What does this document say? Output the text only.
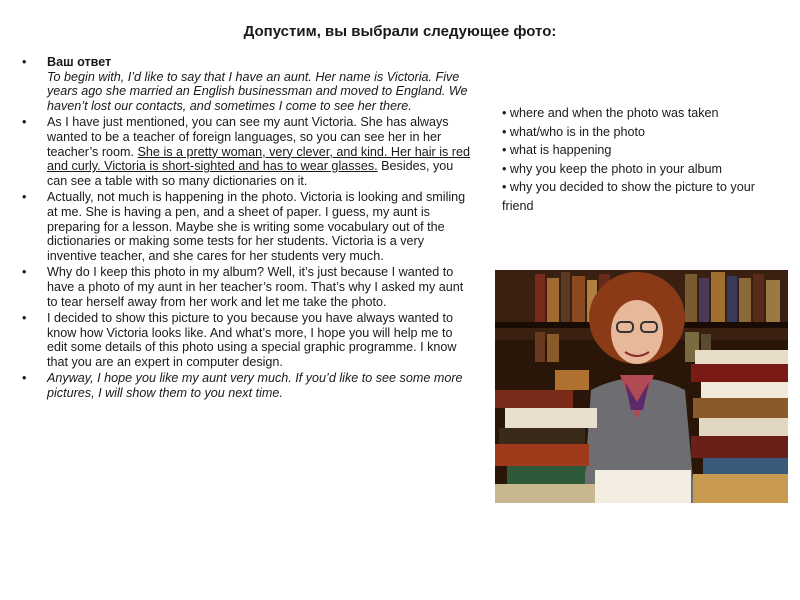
Допустим, вы выбрали следующее фото:
• Ваш ответ
To begin with, I’d like to say that I have an aunt. Her name is Victoria. Five years ago she married an English businessman and moved to England. We haven’t lost our contacts, and sometimes I come to see her there.
• As I have just mentioned, you can see my aunt Victoria. She has always wanted to be a teacher of foreign languages, so you can see her in her teacher’s room. She is a pretty woman, very clever, and kind. Her hair is red and curly. Victoria is short-sighted and has to wear glasses. Besides, you can see a table with so many dictionaries on it.
• Actually, not much is happening in the photo. Victoria is looking and smiling at me. She is having a pen, and a sheet of paper. I guess, my aunt is preparing for a lesson. Maybe she is writing some vocabulary out of the dictionaries or making some tests for her students. Victoria is a very inventive teacher, and she cares for her students very much.
• Why do I keep this photo in my album? Well, it’s just because I wanted to have a photo of my aunt in her teacher’s room. That’s why I asked my aunt to tear herself away from her work and let me take the photo.
• I decided to show this picture to you because you have always wanted to know how Victoria looks like. And what’s more, I hope you will help me to edit some details of this photo using a special graphic programme. I know that you are an expert in computer design.
• Anyway, I hope you like my aunt very much. If you’d like to see some more pictures, I will show them to you next time.
• where and when the photo was taken
• what/who is in the photo
• what is happening
• why you keep the photo in your album
• why you decided to show the picture to your friend
